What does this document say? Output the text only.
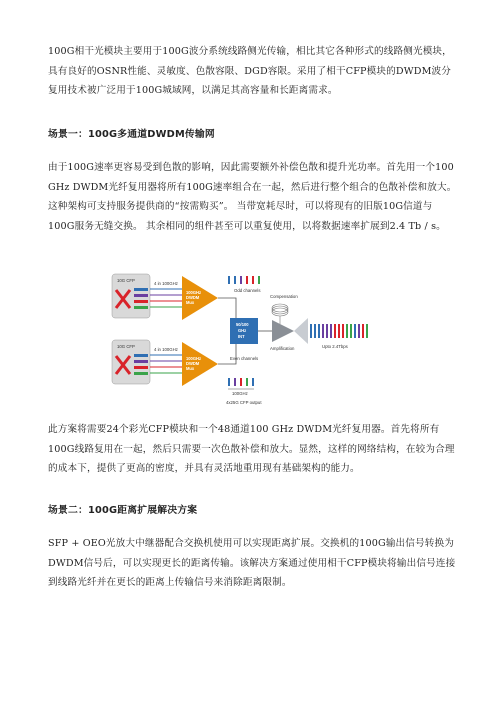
100G相干光模块主要用于100G波分系统线路侧光传输，相比其它各种形式的线路侧光模块，具有良好的OSNR性能、灵敏度、色散容限、DGD容限。采用了相干CFP模块的DWDM波分复用技术被广泛用于100G城域网，以满足其高容量和长距离需求。

场景一：100G多通道DWDM传输网

由于100G速率更容易受到色散的影响，因此需要额外补偿色散和提升光功率。首先用一个100 GHz DWDM光纤复用器将所有100G速率组合在一起，然后进行整个组合的色散补偿和放大。这种架构可支持服务提供商的“按需购买”。 当带宽耗尽时，可以将现有的旧版10G信道与100G服务无缝交换。 其余相同的组件甚至可以重复使用，以将数据速率扩展到2.4 Tb / s。

10G CFP
4 in 100GHz
100GHz
DWDM
Mux
Odd channels
10G CFP
4 in 100GHz
100GHz
DWDM
Mux
Even channels
50/100
GHz
INT
Compensation
Amplification	Upto 2.4Tbps
100GHz
4x25G CFP output

此方案将需要24个彩光CFP模块和一个48通道100 GHz DWDM光纤复用器。首先将所有100G线路复用在一起，然后只需要一次色散补偿和放大。显然，这样的网络结构，在较为合理的成本下，提供了更高的密度，并具有灵活地重用现有基础架构的能力。

场景二：100G距离扩展解决方案

SFP + OEO光放大中继器配合交换机使用可以实现距离扩展。交换机的100G输出信号转换为DWDM信号后，可以实现更长的距离传输。该解决方案通过使用相干CFP模块将输出信号连接到线路光纤并在更长的距离上传输信号来消除距离限制。
